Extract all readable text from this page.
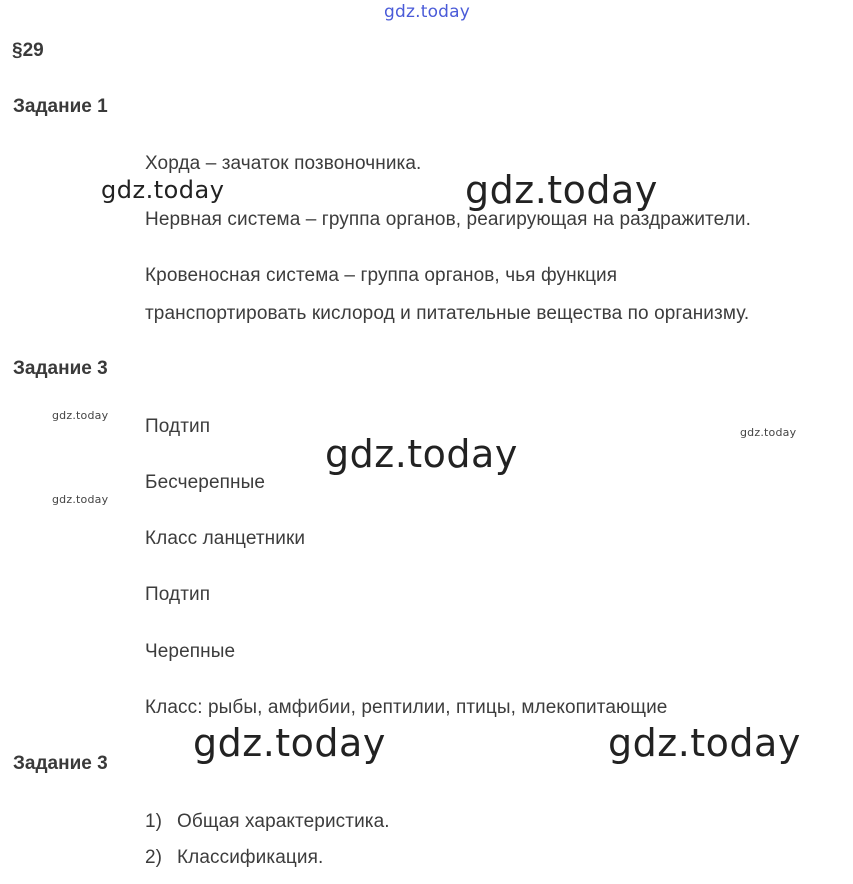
gdz.today
§29
Задание 1
Хорда – зачаток позвоночника.
Нервная система – группа органов, реагирующая на раздражители.
Кровеносная система – группа органов, чья функция
транспортировать кислород и питательные вещества по организму.
gdz.today	gdz.today
Задание 3
Подтип
Бесчерепные
Класс ланцетники
Подтип
Черепные
Класс: рыбы, амфибии, рептилии, птицы, млекопитающие
gdz.today
gdz.today
gdz.today
gdz.today
gdz.today	gdz.today
Задание 3
1) Общая характеристика.
2) Классификация.
